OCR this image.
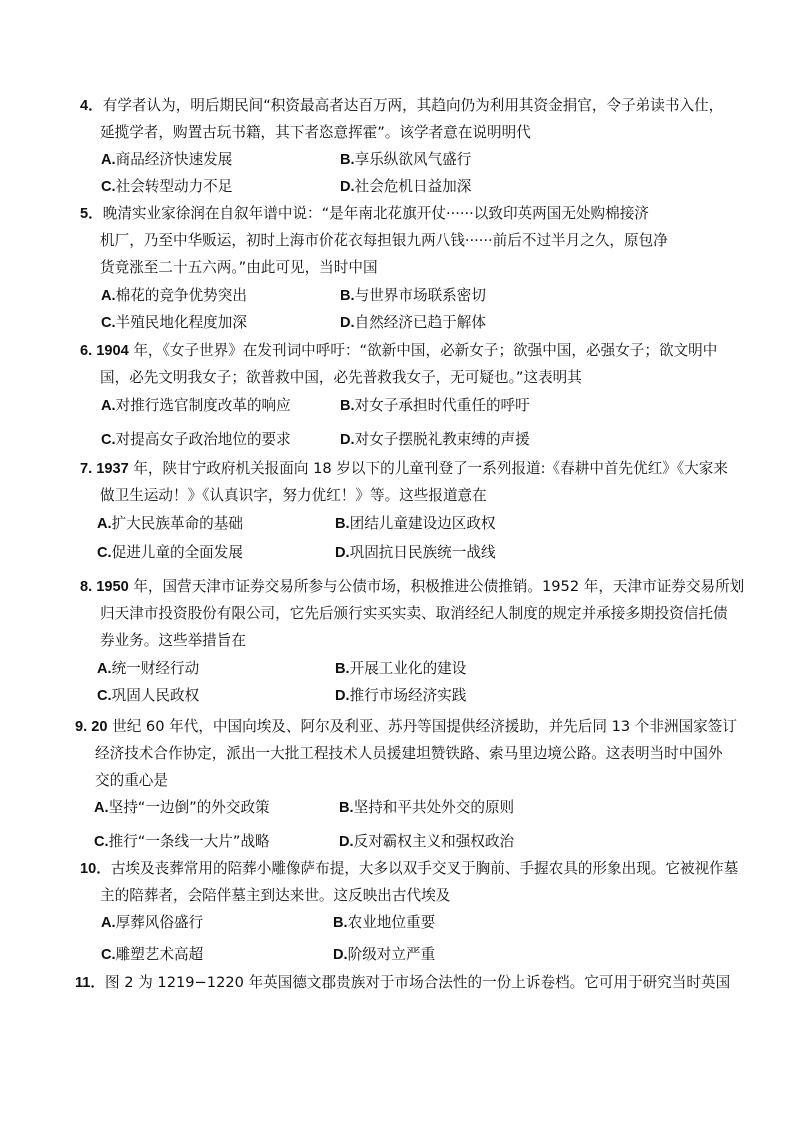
4．有学者认为，明后期民间“积资最高者达百万两，其趋向仍为利用其资金捐官，令子弟读书入仕，
延揽学者，购置古玩书籍，其下者恣意挥霍”。该学者意在说明明代
A.商品经济快速发展	B.享乐纵欲风气盛行
C.社会转型动力不足	D.社会危机日益加深
5．晚清实业家徐润在自叙年谱中说：“是年南北花旗开仗······以致印英两国无处购棉接济
机厂，乃至中华贩运，初时上海市价花衣每担银九两八钱······前后不过半月之久，原包净
货竟涨至二十五六两。”由此可见，当时中国
A.棉花的竞争优势突出	B.与世界市场联系密切
C.半殖民地化程度加深	D.自然经济已趋于解体
6. 1904 年，《女子世界》在发刊词中呼吁：“欲新中国，必新女子；欲强中国，必强女子；欲文明中
国，必先文明我女子；欲普救中国，必先普救我女子，无可疑也。”这表明其
A.对推行选官制度改革的响应	B.对女子承担时代重任的呼吁
C.对提高女子政治地位的要求	D.对女子摆脱礼教束缚的声援
7. 1937 年，陕甘宁政府机关报面向 18 岁以下的儿童刊登了一系列报道:《春耕中首先优红》《大家来
做卫生运动！》《认真识字，努力优红！》等。这些报道意在
A.扩大民族革命的基础	B.团结儿童建设边区政权
C.促进儿童的全面发展	D.巩固抗日民族统一战线
8. 1950 年，国营天津市证券交易所参与公债市场，积极推进公债推销。1952 年，天津市证券交易所划
归天津市投资股份有限公司，它先后颁行实买实卖、取消经纪人制度的规定并承接多期投资信托债
券业务。这些举措旨在
A.统一财经行动	B.开展工业化的建设
C.巩固人民政权	D.推行市场经济实践
9. 20 世纪 60 年代，中国向埃及、阿尔及利亚、苏丹等国提供经济援助，并先后同 13 个非洲国家签订
经济技术合作协定，派出一大批工程技术人员援建坦赞铁路、索马里边境公路。这表明当时中国外
交的重心是
A.坚持“一边倒”的外交政策	B.坚持和平共处外交的原则
C.推行“一条线一大片”战略	D.反对霸权主义和强权政治
10．古埃及丧葬常用的陪葬小雕像萨布提，大多以双手交叉于胸前、手握农具的形象出现。它被视作墓
主的陪葬者，会陪伴墓主到达来世。这反映出古代埃及
A.厚葬风俗盛行	B.农业地位重要
C.雕塑艺术高超	D.阶级对立严重
11．图 2 为 1219−1220 年英国德文郡贵族对于市场合法性的一份上诉卷档。它可用于研究当时英国
